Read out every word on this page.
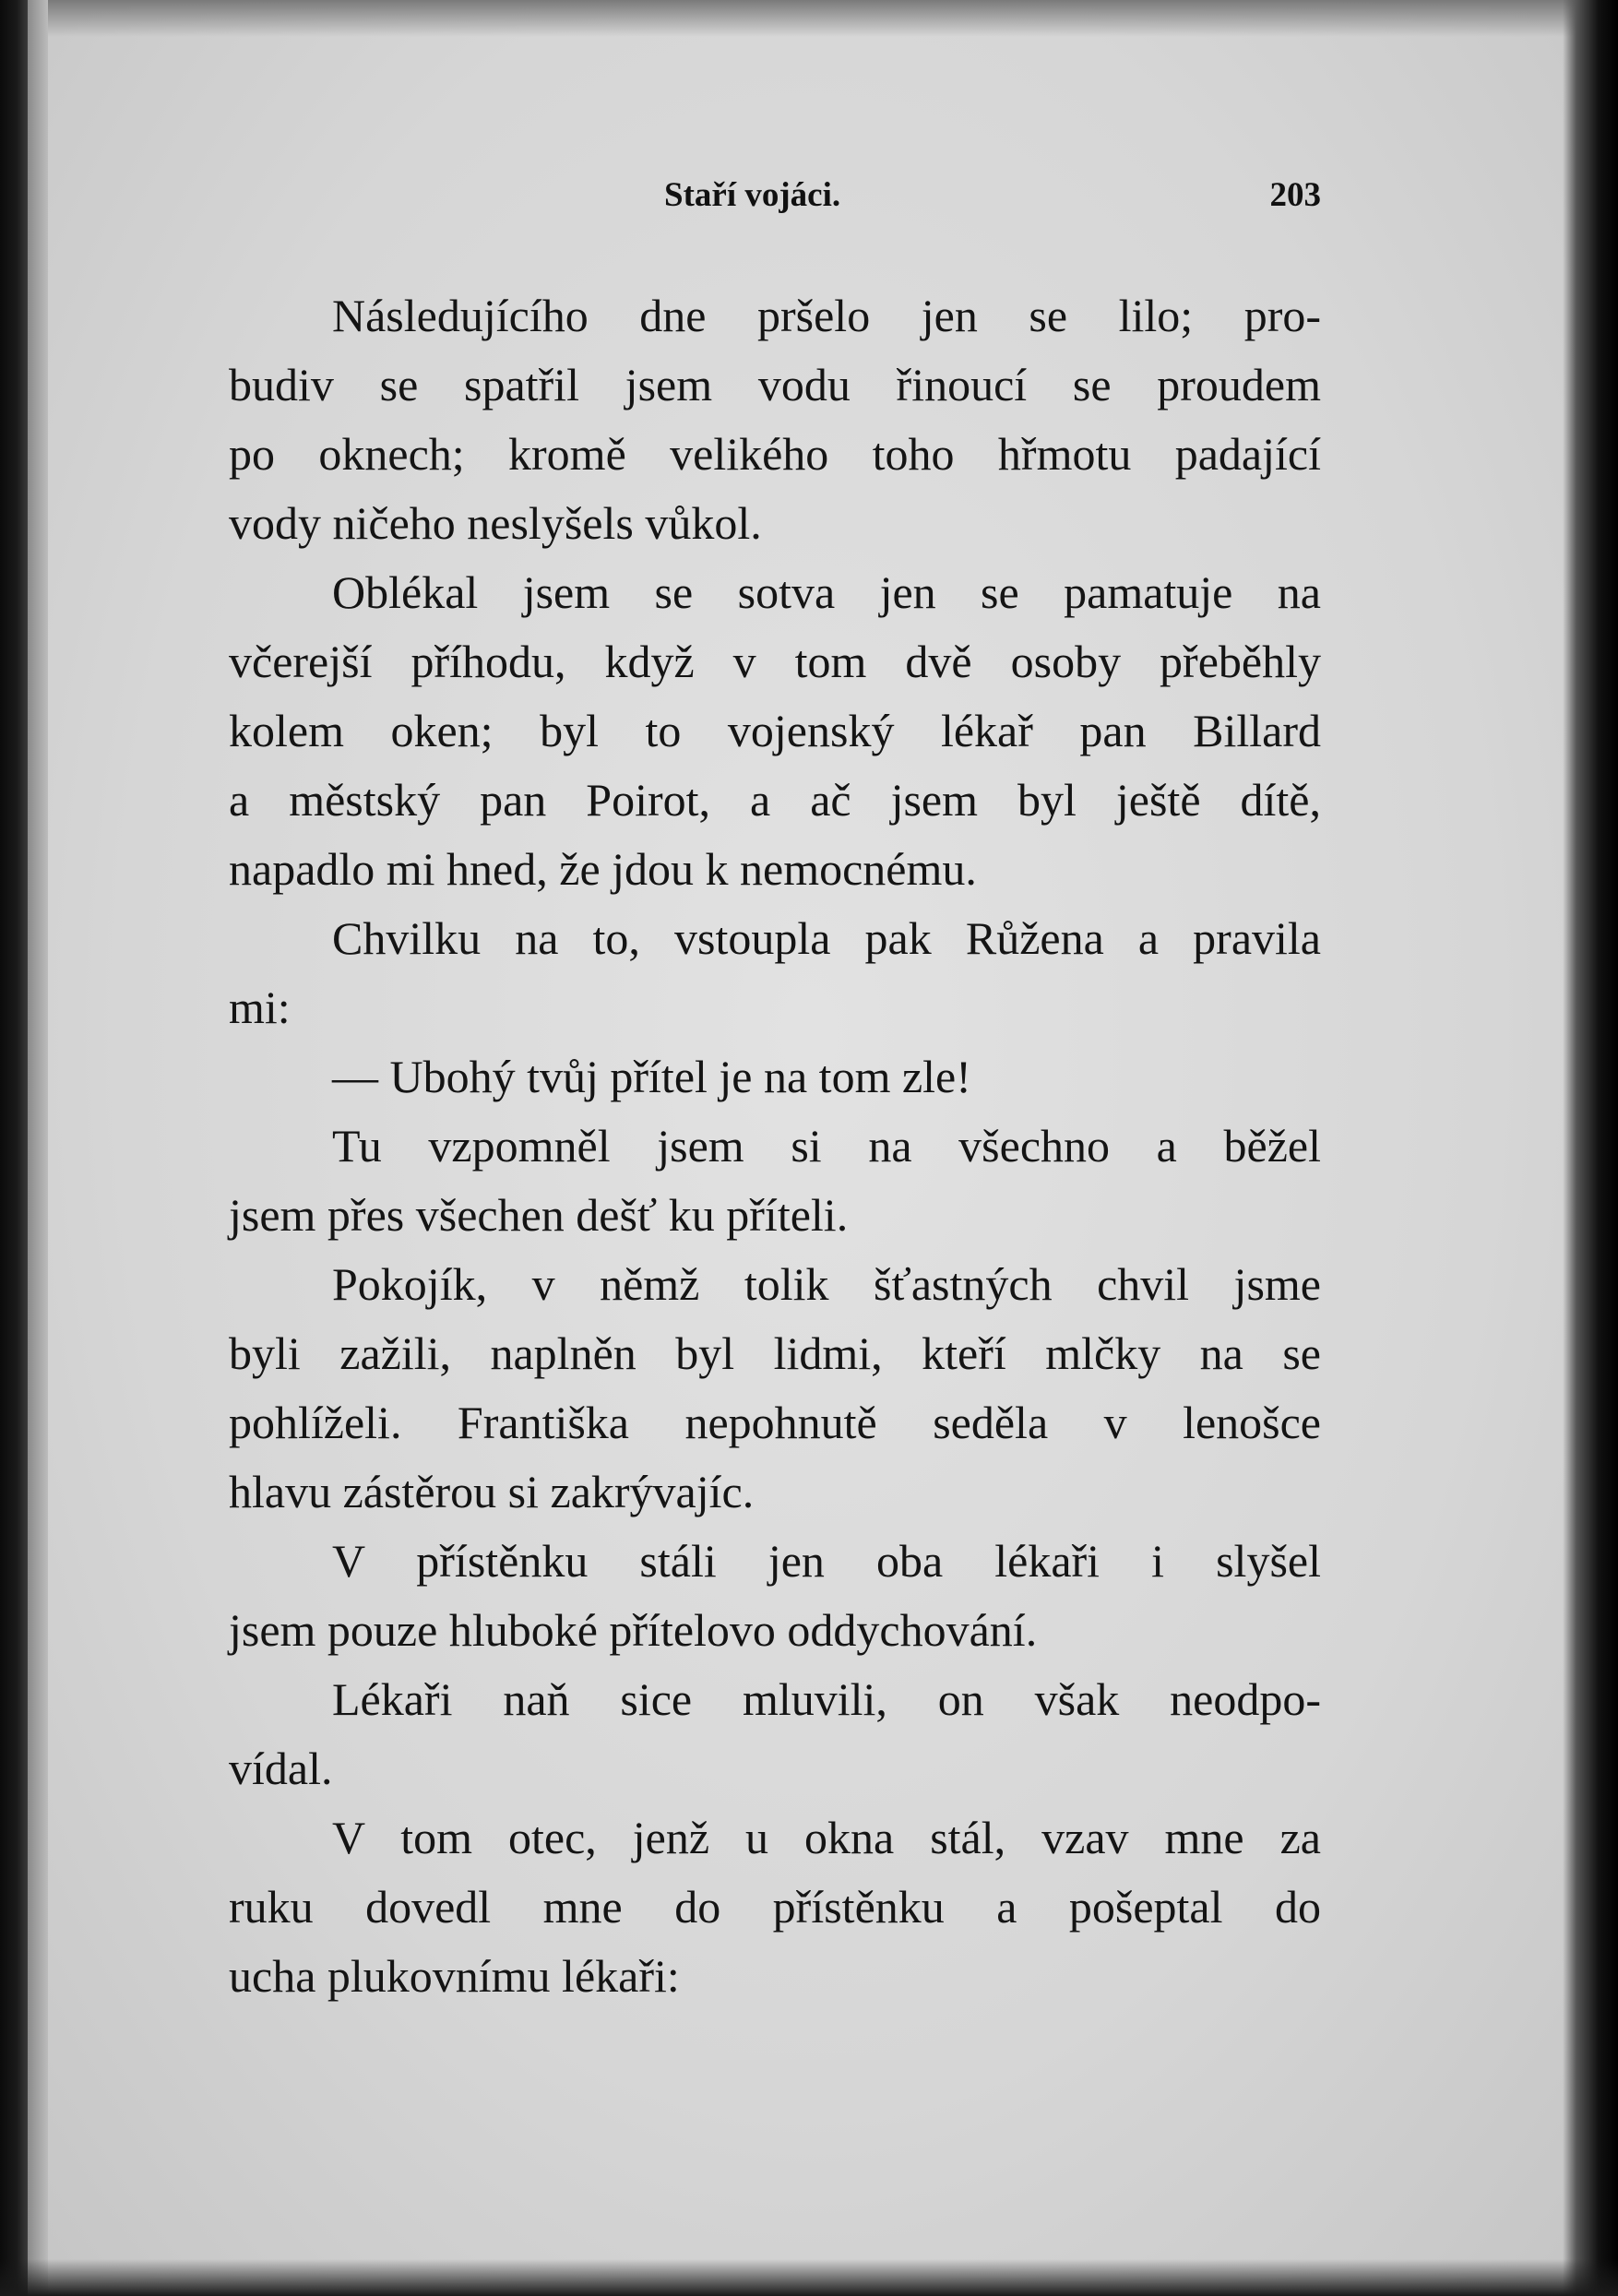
Staří vojáci.	203
Následujícího dne pršelo jen se lilo; pro-
budiv se spatřil jsem vodu řinoucí se proudem
po oknech; kromě velikého toho hřmotu padající
vody ničeho neslyšels vůkol.
Oblékal jsem se sotva jen se pamatuje na
včerejší příhodu, když v tom dvě osoby přeběhly
kolem oken; byl to vojenský lékař pan Billard
a městský pan Poirot, a ač jsem byl ještě dítě,
napadlo mi hned, že jdou k nemocnému.
Chvilku na to, vstoupla pak Růžena a pravila
mi:
— Ubohý tvůj přítel je na tom zle!
Tu vzpomněl jsem si na všechno a běžel
jsem přes všechen dešť ku příteli.
Pokojík, v němž tolik šťastných chvil jsme
byli zažili, naplněn byl lidmi, kteří mlčky na se
pohlíželi. Františka nepohnutě seděla v lenošce
hlavu zástěrou si zakrývajíc.
V přístěnku stáli jen oba lékaři i slyšel
jsem pouze hluboké přítelovo oddychování.
Lékaři naň sice mluvili, on však neodpo-
vídal.
V tom otec, jenž u okna stál, vzav mne za
ruku dovedl mne do přístěnku a pošeptal do
ucha plukovnímu lékaři:
